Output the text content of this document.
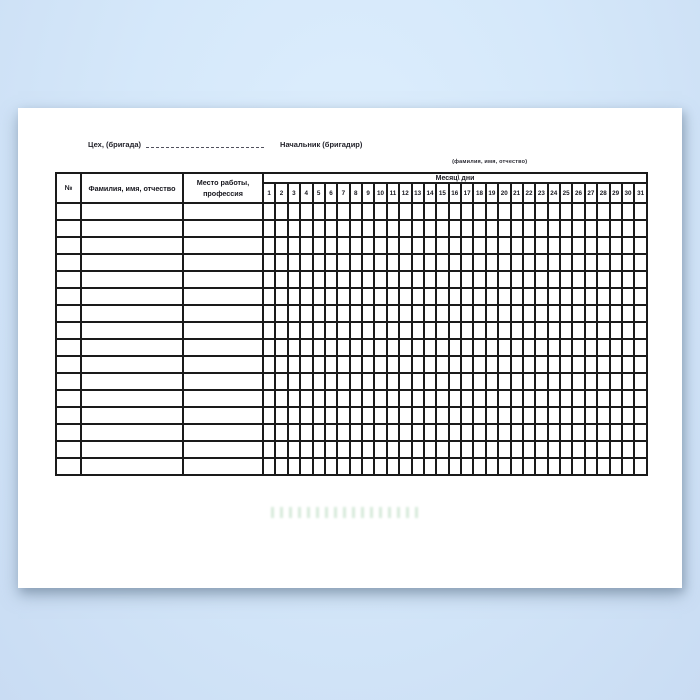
Цех, (бригада)	Начальник (бригадир)
(фамилия, имя, отчество)
№	Фамилия, имя, отчество	Место работы, профессия	Месяц\ дни																														
			1	2	3	4	5	6	7	8	9	10	11	12	13	14	15	16	17	18	19	20	21	22	23	24	25	26	27	28	29	30	31
